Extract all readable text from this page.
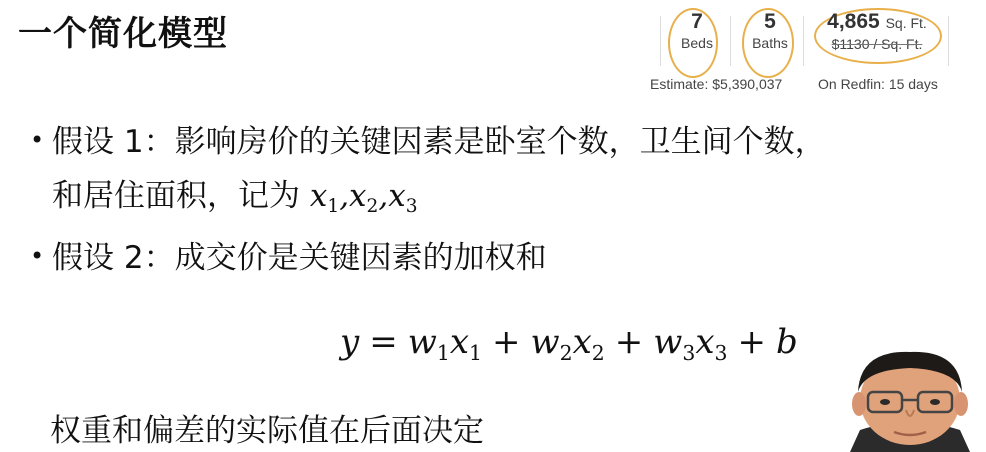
一个简化模型	7
Beds
5
Baths
4,865 Sq. Ft.
$1130 / Sq. Ft.
Estimate: $5,390,037	On Redfin: 15 days
• 假设 1：影响房价的关键因素是卧室个数，卫生间个数，
和居住面积，记为 $x_1,x_2,x_3$
• 假设 2：成交价是关键因素的加权和
$y = w_1x_1 + w_2x_2 + w_3x_3 + b$
权重和偏差的实际值在后面决定
